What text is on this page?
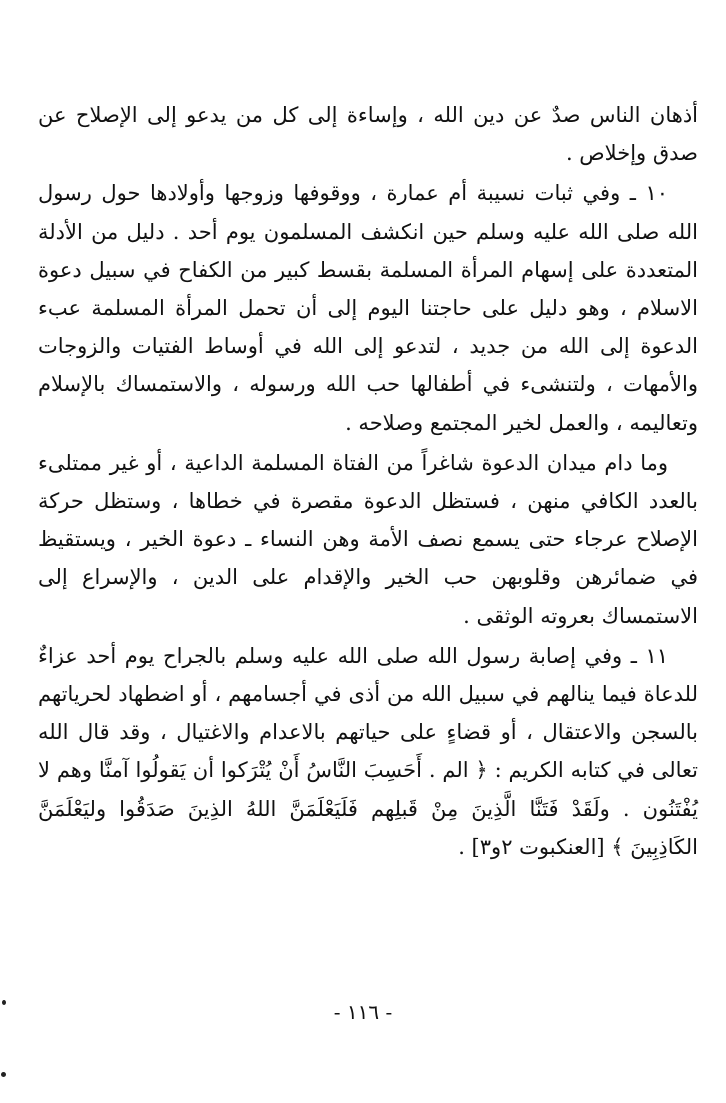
أذهان الناس صدٌ عن دين الله ، وإساءة إلى كل من يدعو إلى الإصلاح عن صدق وإخلاص .

١٠ ـ وفي ثبات نسيبة أم عمارة ، ووقوفها وزوجها وأولادها حول رسول الله صلى الله عليه وسلم حين انكشف المسلمون يوم أحد . دليل من الأدلة المتعددة على إسهام المرأة المسلمة بقسط كبير من الكفاح في سبيل دعوة الاسلام ، وهو دليل على حاجتنا اليوم إلى أن تحمل المرأة المسلمة عبء الدعوة إلى الله من جديد ، لتدعو إلى الله في أوساط الفتيات والزوجات والأمهات ، ولتنشىء في أطفالها حب الله ورسوله ، والاستمساك بالإسلام وتعاليمه ، والعمل لخير المجتمع وصلاحه .

وما دام ميدان الدعوة شاغراً من الفتاة المسلمة الداعية ، أو غير ممتلىء بالعدد الكافي منهن ، فستظل الدعوة مقصرة في خطاها ، وستظل حركة الإصلاح عرجاء حتى يسمع نصف الأمة وهن النساء ـ دعوة الخير ، ويستقيظ في ضمائرهن وقلوبهن حب الخير والإقدام على الدين ، والإسراع إلى الاستمساك بعروته الوثقى .

١١ ـ وفي إصابة رسول الله صلى الله عليه وسلم بالجراح يوم أحد عزاءٌ للدعاة فيما ينالهم في سبيل الله من أذى في أجسامهم ، أو اضطهاد لحرياتهم بالسجن والاعتقال ، أو قضاءٍ على حياتهم بالاعدام والاغتيال ، وقد قال الله تعالى في كتابه الكريم : ﴿ الم . أَحَسِبَ النَّاسُ أَنْ يُتْرَكوا أن يَقولُوا آمنَّا وهم لا يُفْتَنُون . ولَقَدْ فَتَنَّا الَّذِينَ مِنْ قَبلِهم فَلَيَعْلَمَنَّ اللهُ الذِينَ صَدَقُوا وليَعْلَمَنَّ الكَاذِبِينَ ﴾ [العنكبوت ٢و٣] .

- ١١٦ -
